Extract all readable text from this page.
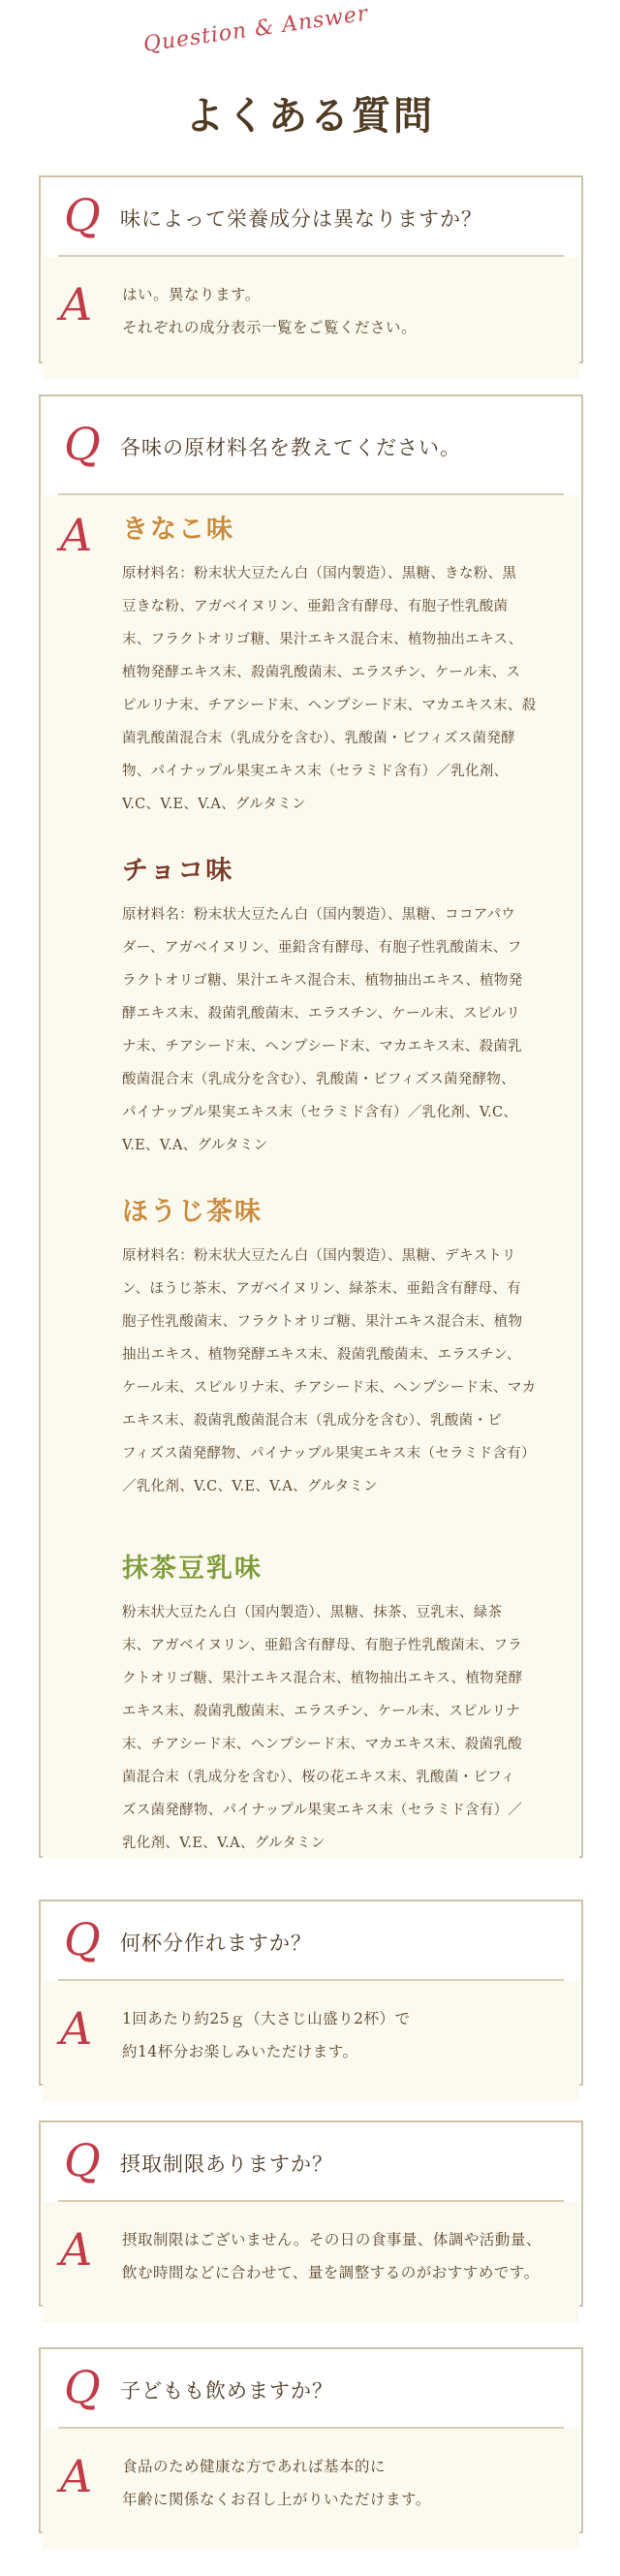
Question & Answer
よくある質問
Q 味によって栄養成分は異なりますか？
A はい。異なります。
それぞれの成分表示一覧をご覧ください。
Q 各味の原材料名を教えてください。
A きなこ味

原材料名：粉末状大豆たん白（国内製造）、黒糖、きな粉、黒

豆きな粉、アガベイヌリン、亜鉛含有酵母、有胞子性乳酸菌

末、フラクトオリゴ糖、果汁エキス混合末、植物抽出エキス、

植物発酵エキス末、殺菌乳酸菌末、エラスチン、ケール末、ス

ピルリナ末、チアシード末、ヘンプシード末、マカエキス末、殺

菌乳酸菌混合末（乳成分を含む）、乳酸菌・ビフィズス菌発酵

物、パイナップル果実エキス末（セラミド含有）／乳化剤、

V.C、V.E、V.A、グルタミン

チョコ味

原材料名：粉末状大豆たん白（国内製造）、黒糖、ココアパウ

ダー、アガベイヌリン、亜鉛含有酵母、有胞子性乳酸菌末、フ

ラクトオリゴ糖、果汁エキス混合末、植物抽出エキス、植物発

酵エキス末、殺菌乳酸菌末、エラスチン、ケール末、スピルリ

ナ末、チアシード末、ヘンプシード末、マカエキス末、殺菌乳

酸菌混合末（乳成分を含む）、乳酸菌・ビフィズス菌発酵物、

パイナップル果実エキス末（セラミド含有）／乳化剤、V.C、

V.E、V.A、グルタミン

ほうじ茶味

原材料名：粉末状大豆たん白（国内製造）、黒糖、デキストリ

ン、ほうじ茶末、アガベイヌリン、緑茶末、亜鉛含有酵母、有

胞子性乳酸菌末、フラクトオリゴ糖、果汁エキス混合末、植物

抽出エキス、植物発酵エキス末、殺菌乳酸菌末、エラスチン、

ケール末、スピルリナ末、チアシード末、ヘンプシード末、マカ

エキス末、殺菌乳酸菌混合末（乳成分を含む）、乳酸菌・ビ

フィズス菌発酵物、パイナップル果実エキス末（セラミド含有）

／乳化剤、V.C、V.E、V.A、グルタミン

抹茶豆乳味

粉末状大豆たん白（国内製造）、黒糖、抹茶、豆乳末、緑茶

末、アガベイヌリン、亜鉛含有酵母、有胞子性乳酸菌末、フラ

クトオリゴ糖、果汁エキス混合末、植物抽出エキス、植物発酵

エキス末、殺菌乳酸菌末、エラスチン、ケール末、スピルリナ

末、チアシード末、ヘンプシード末、マカエキス末、殺菌乳酸

菌混合末（乳成分を含む）、桜の花エキス末、乳酸菌・ビフィ

ズス菌発酵物、パイナップル果実エキス末（セラミド含有）／

乳化剤、V.E、V.A、グルタミン

Q 何杯分作れますか？
A 1回あたり約25ｇ（大さじ山盛り2杯）で
約14杯分お楽しみいただけます。
Q 摂取制限ありますか？
A 摂取制限はございません。その日の食事量、体調や活動量、
飲む時間などに合わせて、量を調整するのがおすすめです。
Q 子どもも飲めますか？
A 食品のため健康な方であれば基本的に
年齢に関係なくお召し上がりいただけます。
